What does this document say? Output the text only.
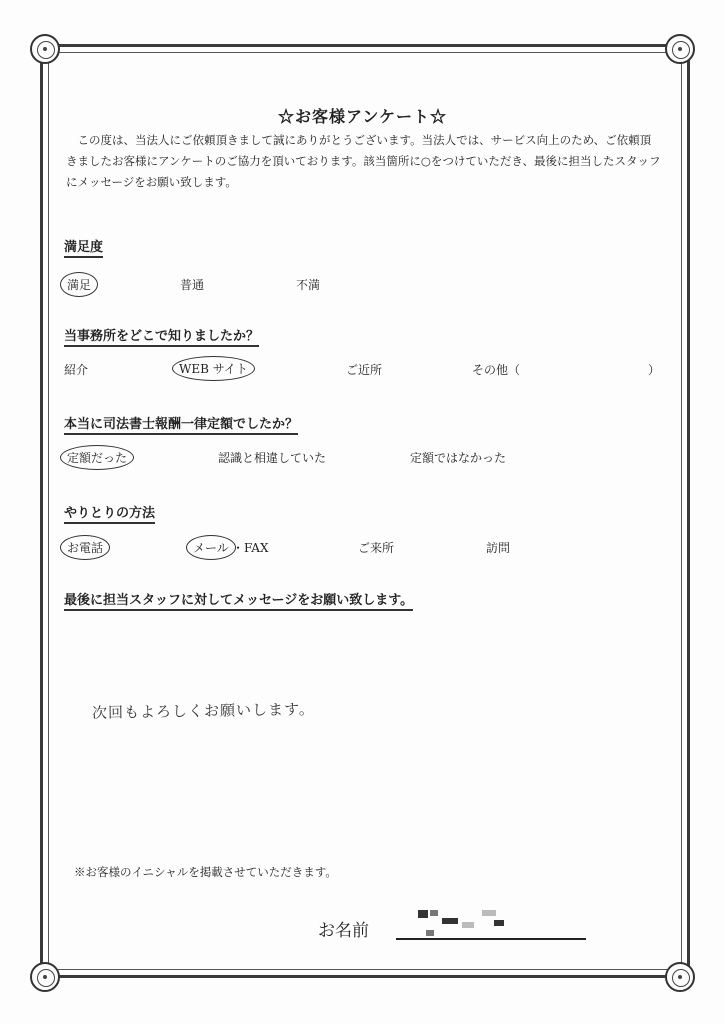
☆お客様アンケート☆
この度は、当法人にご依頼頂きまして誠にありがとうございます。当法人では、サービス向上のため、ご依頼頂きましたお客様にアンケートのご協力を頂いております。該当箇所に○をつけていただき、最後に担当したスタッフにメッセージをお願い致します。
満足度
満足	普通	不満
当事務所をどこで知りましたか？
紹介	WEB サイト	ご近所	その他（	）
本当に司法書士報酬一律定額でしたか？
定額だった	認識と相違していた	定額ではなかった
やりとりの方法
お電話	メール ・FAX	ご来所	訪問
最後に担当スタッフに対してメッセージをお願い致します。
次回もよろしくお願いします。
※お客様のイニシャルを掲載させていただきます。
お名前
